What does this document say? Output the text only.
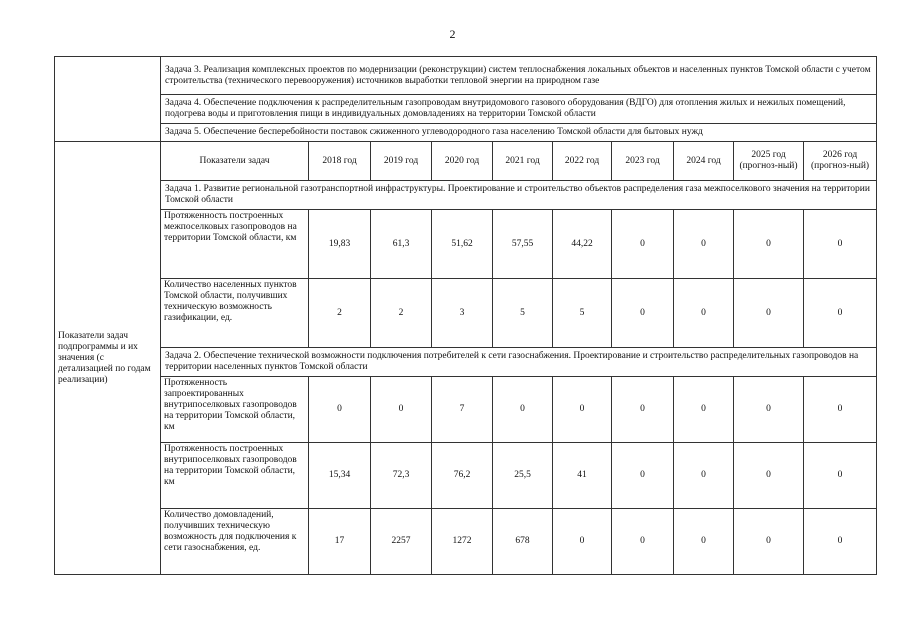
2
	Задача 3. Реализация комплексных проектов по модернизации (реконструкции) систем теплоснабжения локальных объектов и населенных пунктов Томской области с учетом строительства (технического перевооружения) источников выработки тепловой энергии на природном газе									
	Задача 4. Обеспечение подключения к распределительным газопроводам внутридомового газового оборудования (ВДГО) для отопления жилых и нежилых помещений, подогрева воды и приготовления пищи в индивидуальных домовладениях на территории Томской области									
	Задача 5. Обеспечение бесперебойности поставок сжиженного углеводородного газа населению Томской области для бытовых нужд									
Показатели задач подпрограммы и их значения (с детализацией по годам реализации)	Показатели задач	2018 год	2019 год	2020 год	2021 год	2022 год	2023 год	2024 год	2025 год (прогноз-ный)	2026 год (прогноз-ный)
	Задача 1. Развитие региональной газотранспортной инфраструктуры. Проектирование и строительство объектов распределения газа межпоселкового значения на территории Томской области									
	Протяженность построенных межпоселковых газопроводов на территории Томской области, км	19,83	61,3	51,62	57,55	44,22	0	0	0	0
	Количество населенных пунктов Томской области, получивших техническую возможность газификации, ед.	2	2	3	5	5	0	0	0	0
	Задача 2. Обеспечение технической возможности подключения потребителей к сети газоснабжения. Проектирование и строительство распределительных газопроводов на территории населенных пунктов Томской области									
	Протяженность запроектированных внутрипоселковых газопроводов на территории Томской области, км	0	0	7	0	0	0	0	0	0
	Протяженность построенных внутрипоселковых газопроводов на территории Томской области, км	15,34	72,3	76,2	25,5	41	0	0	0	0
	Количество домовладений, получивших техническую возможность для подключения к сети газоснабжения, ед.	17	2257	1272	678	0	0	0	0	0
